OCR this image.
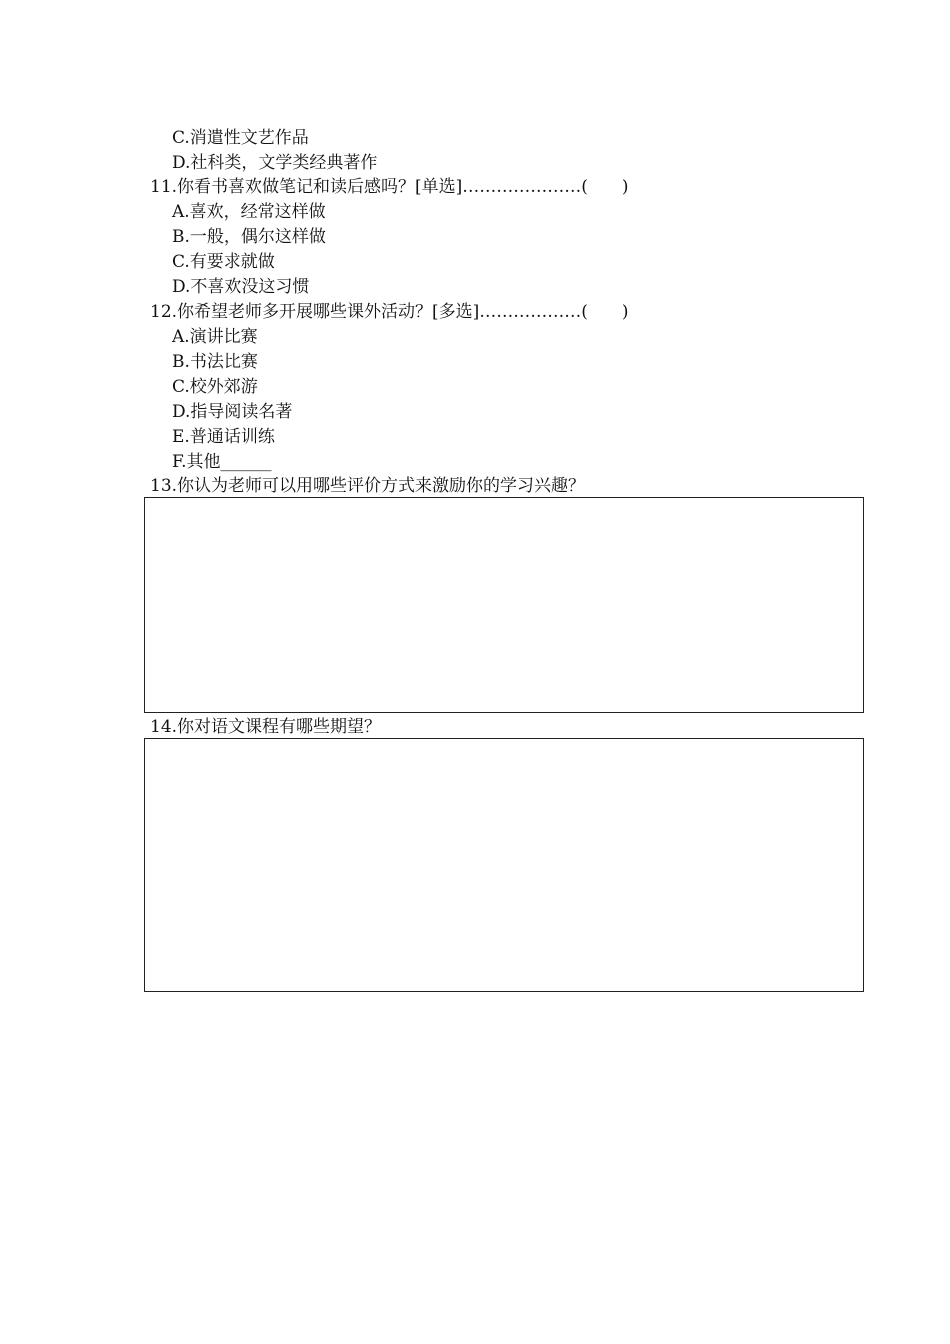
C.消遣性文艺作品
D.社科类，文学类经典著作
11.你看书喜欢做笔记和读后感吗？[单选]…………………(　　)
A.喜欢，经常这样做
B.一般，偶尔这样做
C.有要求就做
D.不喜欢没这习惯
12.你希望老师多开展哪些课外活动？[多选]………………(　　)
A.演讲比赛
B.书法比赛
C.校外郊游
D.指导阅读名著
E.普通话训练
F.其他______
13.你认为老师可以用哪些评价方式来激励你的学习兴趣？
14.你对语文课程有哪些期望？
